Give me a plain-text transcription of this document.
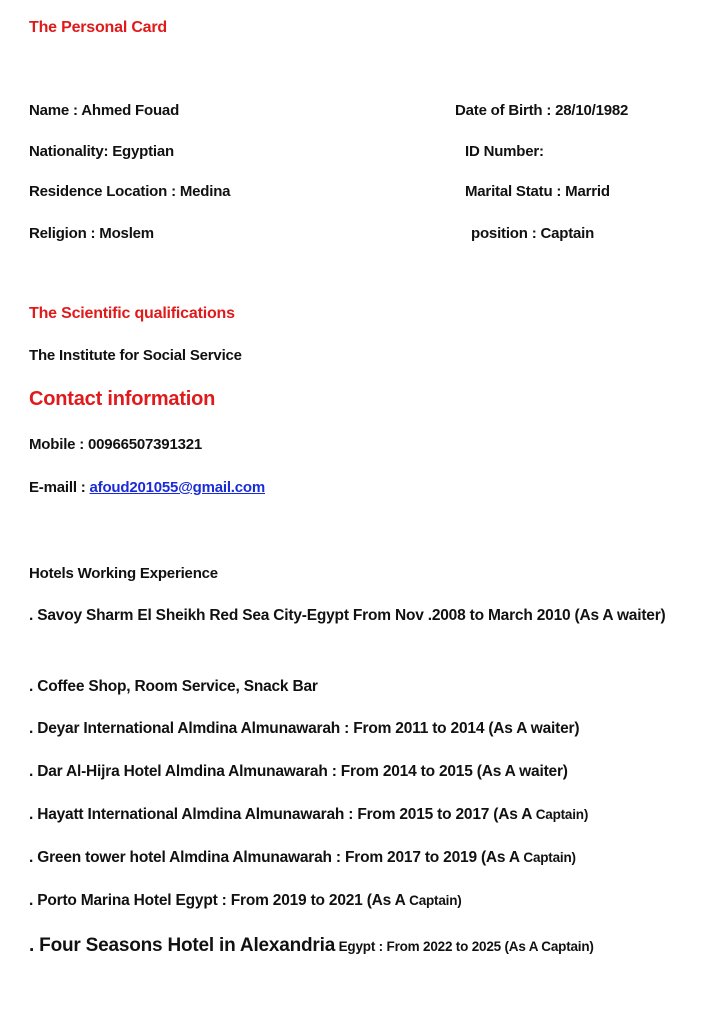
The Personal Card
Name : Ahmed Fouad	Date of Birth : 28/10/1982
Nationality: Egyptian	ID Number:
Residence Location : Medina	Marital Statu : Marrid
Religion : Moslem	position : Captain
The Scientific qualifications
The Institute for Social Service
Contact information
Mobile : 00966507391321
E-maill : afoud201055@gmail.com
Hotels Working Experience
. Savoy Sharm El Sheikh Red Sea City-Egypt From Nov .2008 to March 2010 (As A waiter)
. Coffee Shop, Room Service, Snack Bar
. Deyar International Almdina Almunawarah : From 2011 to 2014 (As A waiter)
. Dar Al-Hijra Hotel Almdina Almunawarah : From 2014 to 2015 (As A waiter)
. Hayatt International Almdina Almunawarah : From 2015 to 2017 (As A Captain)
. Green tower hotel Almdina Almunawarah : From 2017 to 2019 (As A Captain)
. Porto Marina Hotel Egypt : From 2019 to 2021 (As A Captain)
. Four Seasons Hotel in Alexandria Egypt : From 2022 to 2025 (As A Captain)
